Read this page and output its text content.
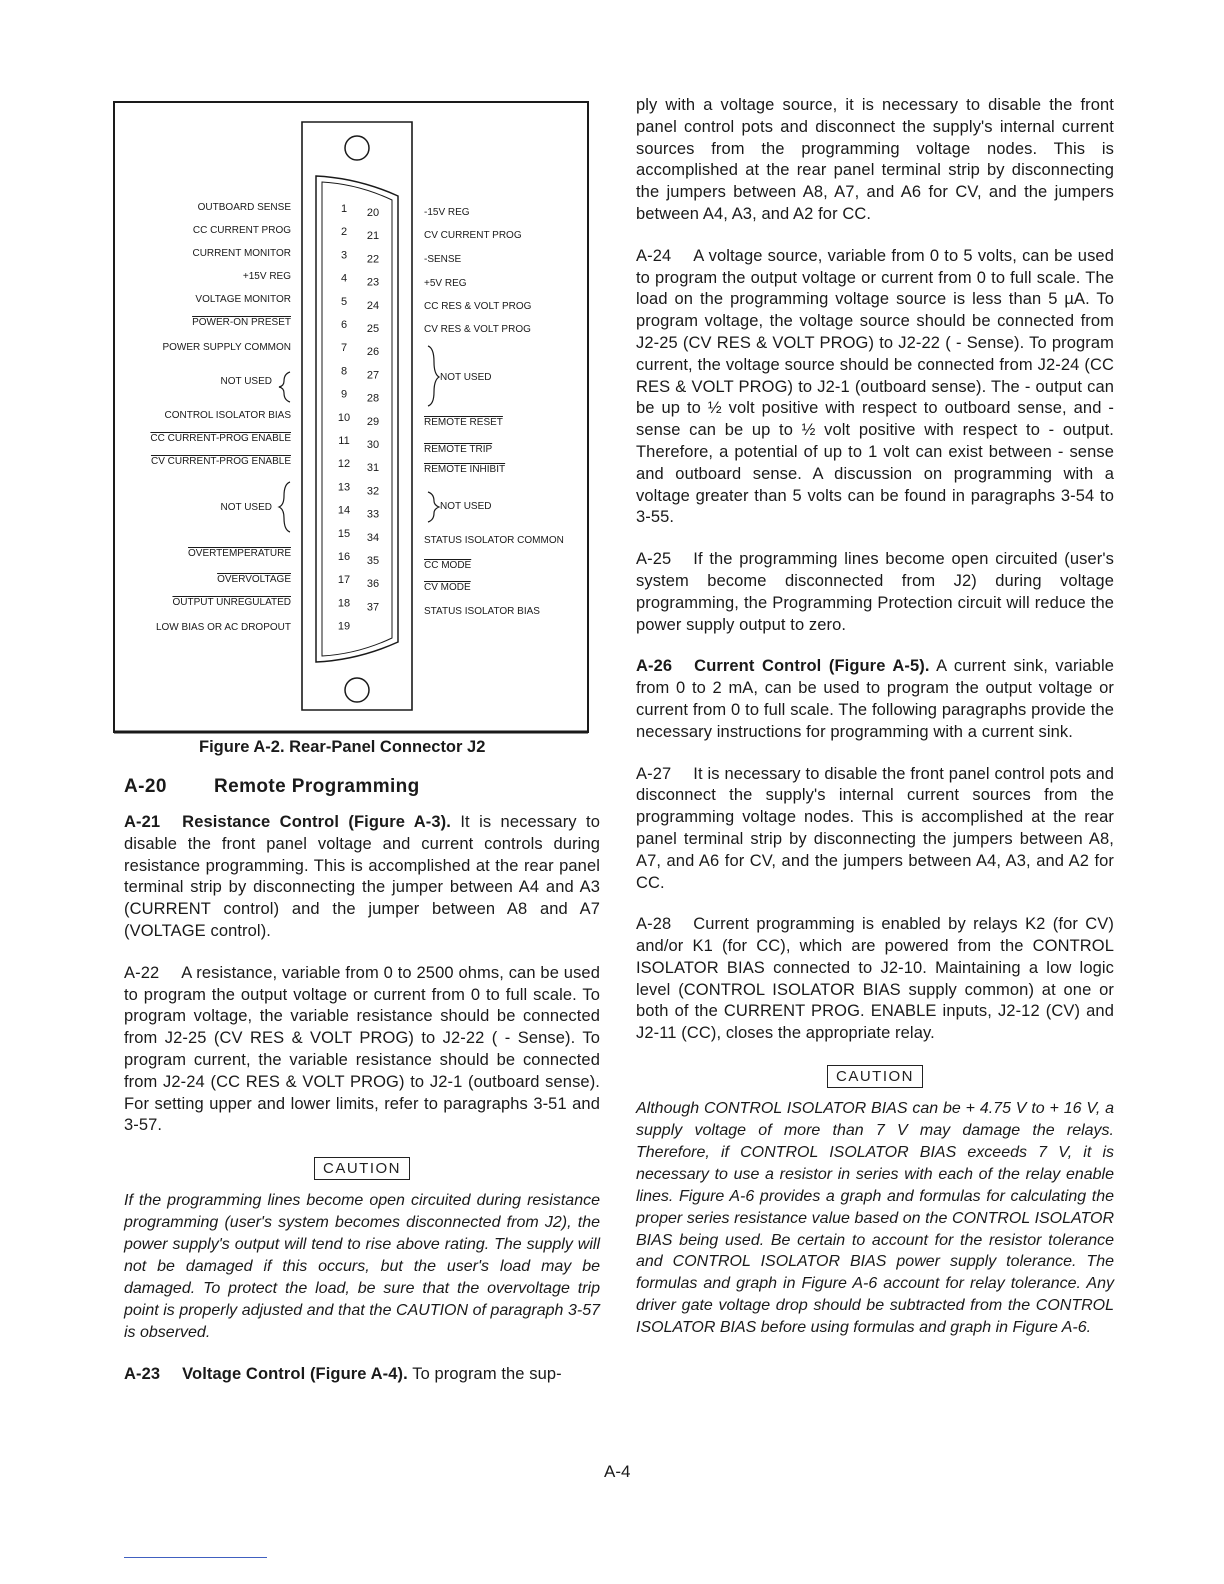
1
2
3
4
5
6
7
8
9
10
11
12
13
14
15
16
17
18
19
20
21
22
23
24
25
26
27
28
29
30
31
32
33
34
35
36
37
OUTBOARD SENSE
CC CURRENT PROG
CURRENT MONITOR
+15V REG
VOLTAGE MONITOR
POWER-ON PRESET
POWER SUPPLY COMMON
NOT USED
CONTROL ISOLATOR BIAS
CC CURRENT-PROG ENABLE
CV CURRENT-PROG ENABLE
NOT USED
OVERTEMPERATURE
OVERVOLTAGE
OUTPUT UNREGULATED
LOW BIAS OR AC DROPOUT
-15V REG
CV CURRENT PROG
-SENSE
+5V REG
CC RES & VOLT PROG
CV RES & VOLT PROG
NOT USED
REMOTE RESET
REMOTE TRIP
REMOTE INHIBIT
NOT USED
STATUS ISOLATOR COMMON
CC MODE
CV MODE
STATUS ISOLATOR BIAS
Figure A-2. Rear-Panel Connector J2
A-20 Remote Programming

A-21 Resistance Control (Figure A-3). It is necessary to disable the front panel voltage and current controls during resistance programming. This is accomplished at the rear panel terminal strip by disconnecting the jumper between A4 and A3 (CURRENT control) and the jumper between A8 and A7 (VOLTAGE control).

A-22 A resistance, variable from 0 to 2500 ohms, can be used to program the output voltage or current from 0 to full scale. To program voltage, the variable resistance should be connected from J2-25 (CV RES & VOLT PROG) to J2-22 ( - Sense). To program current, the variable resistance should be connected from J2-24 (CC RES & VOLT PROG) to J2-1 (outboard sense). For setting upper and lower limits, refer to paragraphs 3-51 and 3-57.

CAUTION

If the programming lines become open circuited during resistance programming (user's system becomes disconnected from J2), the power supply's output will tend to rise above rating. The supply will not be damaged if this occurs, but the user's load may be damaged. To protect the load, be sure that the overvoltage trip point is properly adjusted and that the CAUTION of paragraph 3-57 is observed.

A-23 Voltage Control (Figure A-4). To program the sup-

ply with a voltage source, it is necessary to disable the front panel control pots and disconnect the supply's internal current sources from the programming voltage nodes. This is accomplished at the rear panel terminal strip by disconnecting the jumpers between A8, A7, and A6 for CV, and the jumpers between A4, A3, and A2 for CC.

A-24 A voltage source, variable from 0 to 5 volts, can be used to program the output voltage or current from 0 to full scale. The load on the programming voltage source is less than 5 µA. To program voltage, the voltage source should be connected from J2-25 (CV RES & VOLT PROG) to J2-22 ( - Sense). To program current, the voltage source should be connected from J2-24 (CC RES & VOLT PROG) to J2-1 (outboard sense). The - output can be up to ½ volt positive with respect to outboard sense, and - sense can be up to ½ volt positive with respect to - output. Therefore, a potential of up to 1 volt can exist between - sense and outboard sense. A discussion on programming with a voltage greater than 5 volts can be found in paragraphs 3-54 to 3-55.

A-25 If the programming lines become open circuited (user's system become disconnected from J2) during voltage programming, the Programming Protection circuit will reduce the power supply output to zero.

A-26 Current Control (Figure A-5). A current sink, variable from 0 to 2 mA, can be used to program the output voltage or current from 0 to full scale. The following paragraphs provide the necessary instructions for programming with a current sink.

A-27 It is necessary to disable the front panel control pots and disconnect the supply's internal current sources from the programming voltage nodes. This is accomplished at the rear panel terminal strip by disconnecting the jumpers between A8, A7, and A6 for CV, and the jumpers between A4, A3, and A2 for CC.

A-28 Current programming is enabled by relays K2 (for CV) and/or K1 (for CC), which are powered from the CONTROL ISOLATOR BIAS connected to J2-10. Maintaining a low logic level (CONTROL ISOLATOR BIAS supply common) at one or both of the CURRENT PROG. ENABLE inputs, J2-12 (CV) and J2-11 (CC), closes the appropriate relay.

CAUTION

Although CONTROL ISOLATOR BIAS can be + 4.75 V to + 16 V, a supply voltage of more than 7 V may damage the relays. Therefore, if CONTROL ISOLATOR BIAS exceeds 7 V, it is necessary to use a resistor in series with each of the relay enable lines. Figure A-6 provides a graph and formulas for calculating the proper series resistance value based on the CONTROL ISOLATOR BIAS being used. Be certain to account for the resistor tolerance and CONTROL ISOLATOR BIAS power supply tolerance. The formulas and graph in Figure A-6 account for relay tolerance. Any driver gate voltage drop should be subtracted from the CONTROL ISOLATOR BIAS before using formulas and graph in Figure A-6.

A-4
